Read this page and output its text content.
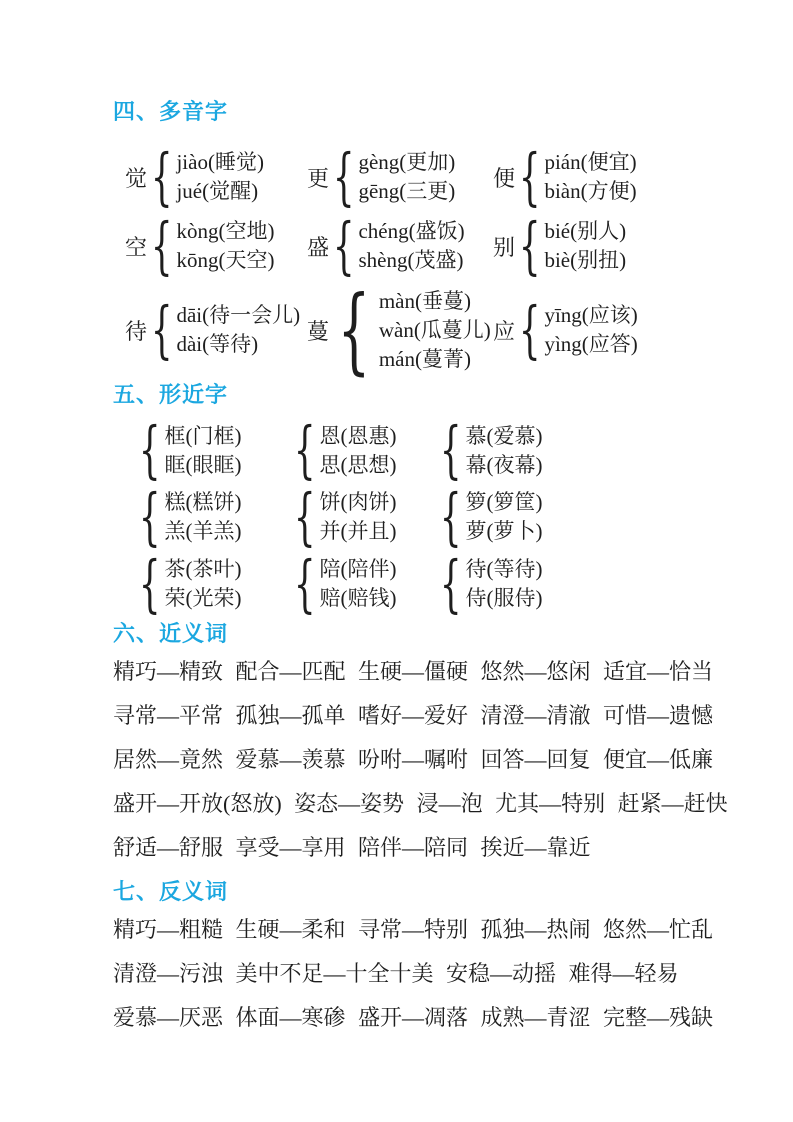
四、多音字
觉 { jiào(睡觉)
jué(觉醒)
更 { gèng(更加)
gēng(三更)
便 { pián(便宜)
biàn(方便)
空 { kòng(空地)
kōng(天空)
盛 { chéng(盛饭)
shèng(茂盛)
别 { bié(别人)
biè(别扭)
待 { dāi(待一会儿)
dài(等待)
蔓 { màn(垂蔓)
wàn(瓜蔓儿)
mán(蔓菁)
应 { yīng(应该)
yìng(应答)
五、形近字
{ 框(门框)
眶(眼眶) { 恩(恩惠)
思(思想) { 慕(爱慕)
幕(夜幕)
{ 糕(糕饼)
羔(羊羔) { 饼(肉饼)
并(并且) { 箩(箩筐)
萝(萝卜)
{ 茶(茶叶)
荣(光荣) { 陪(陪伴)
赔(赔钱) { 待(等待)
侍(服侍)
六、近义词

精巧—精致 配合—匹配 生硬—僵硬 悠然—悠闲 适宜—恰当

寻常—平常 孤独—孤单 嗜好—爱好 清澄—清澈 可惜—遗憾

居然—竟然 爱慕—羡慕 吩咐—嘱咐 回答—回复 便宜—低廉

盛开—开放(怒放) 姿态—姿势 浸—泡 尤其—特别 赶紧—赶快

舒适—舒服 享受—享用 陪伴—陪同 挨近—靠近

七、反义词

精巧—粗糙 生硬—柔和 寻常—特别 孤独—热闹 悠然—忙乱

清澄—污浊 美中不足—十全十美 安稳—动摇 难得—轻易

爱慕—厌恶 体面—寒碜 盛开—凋落 成熟—青涩 完整—残缺
